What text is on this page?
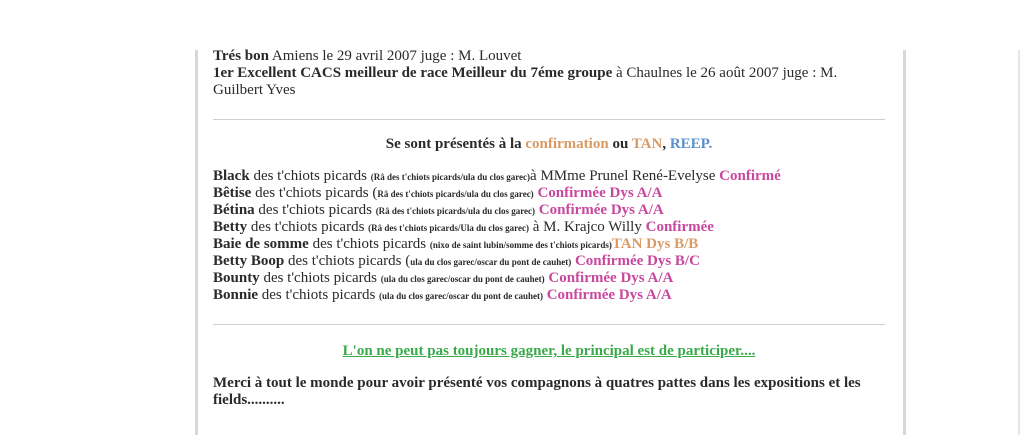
Trés bon Amiens le 29 avril 2007 juge : M. Louvet
1er Excellent CACS meilleur de race Meilleur du 7éme groupe à Chaulnes le 26 août 2007 juge : M. Guilbert Yves
Se sont présentés à la confirmation ou TAN, REEP.
Black des t'chiots picards (Râ des t'chiots picards/ula du clos garec)à MMme Prunel René-Evelyse Confirmé
Bêtise des t'chiots picards (Râ des t'chiots picards/ula du clos garec) Confirmée Dys A/A
Bétina des t'chiots picards (Râ des t'chiots picards/ula du clos garec) Confirmée Dys A/A
Betty des t'chiots picards (Râ des t'chiots picards/Ula du clos garec) à M. Krajco Willy Confirmée
Baie de somme des t'chiots picards (nixo de saint lubin/somme des t'chiots picards)TAN Dys B/B
Betty Boop des t'chiots picards (ula du clos garec/oscar du pont de cauhet) Confirmée Dys B/C
Bounty des t'chiots picards (ula du clos garec/oscar du pont de cauhet) Confirmée Dys A/A
Bonnie des t'chiots picards (ula du clos garec/oscar du pont de cauhet) Confirmée Dys A/A
L'on ne peut pas toujours gagner, le principal est de participer....
Merci à tout le monde pour avoir présenté vos compagnons à quatres pattes dans les expositions et les fields..........
